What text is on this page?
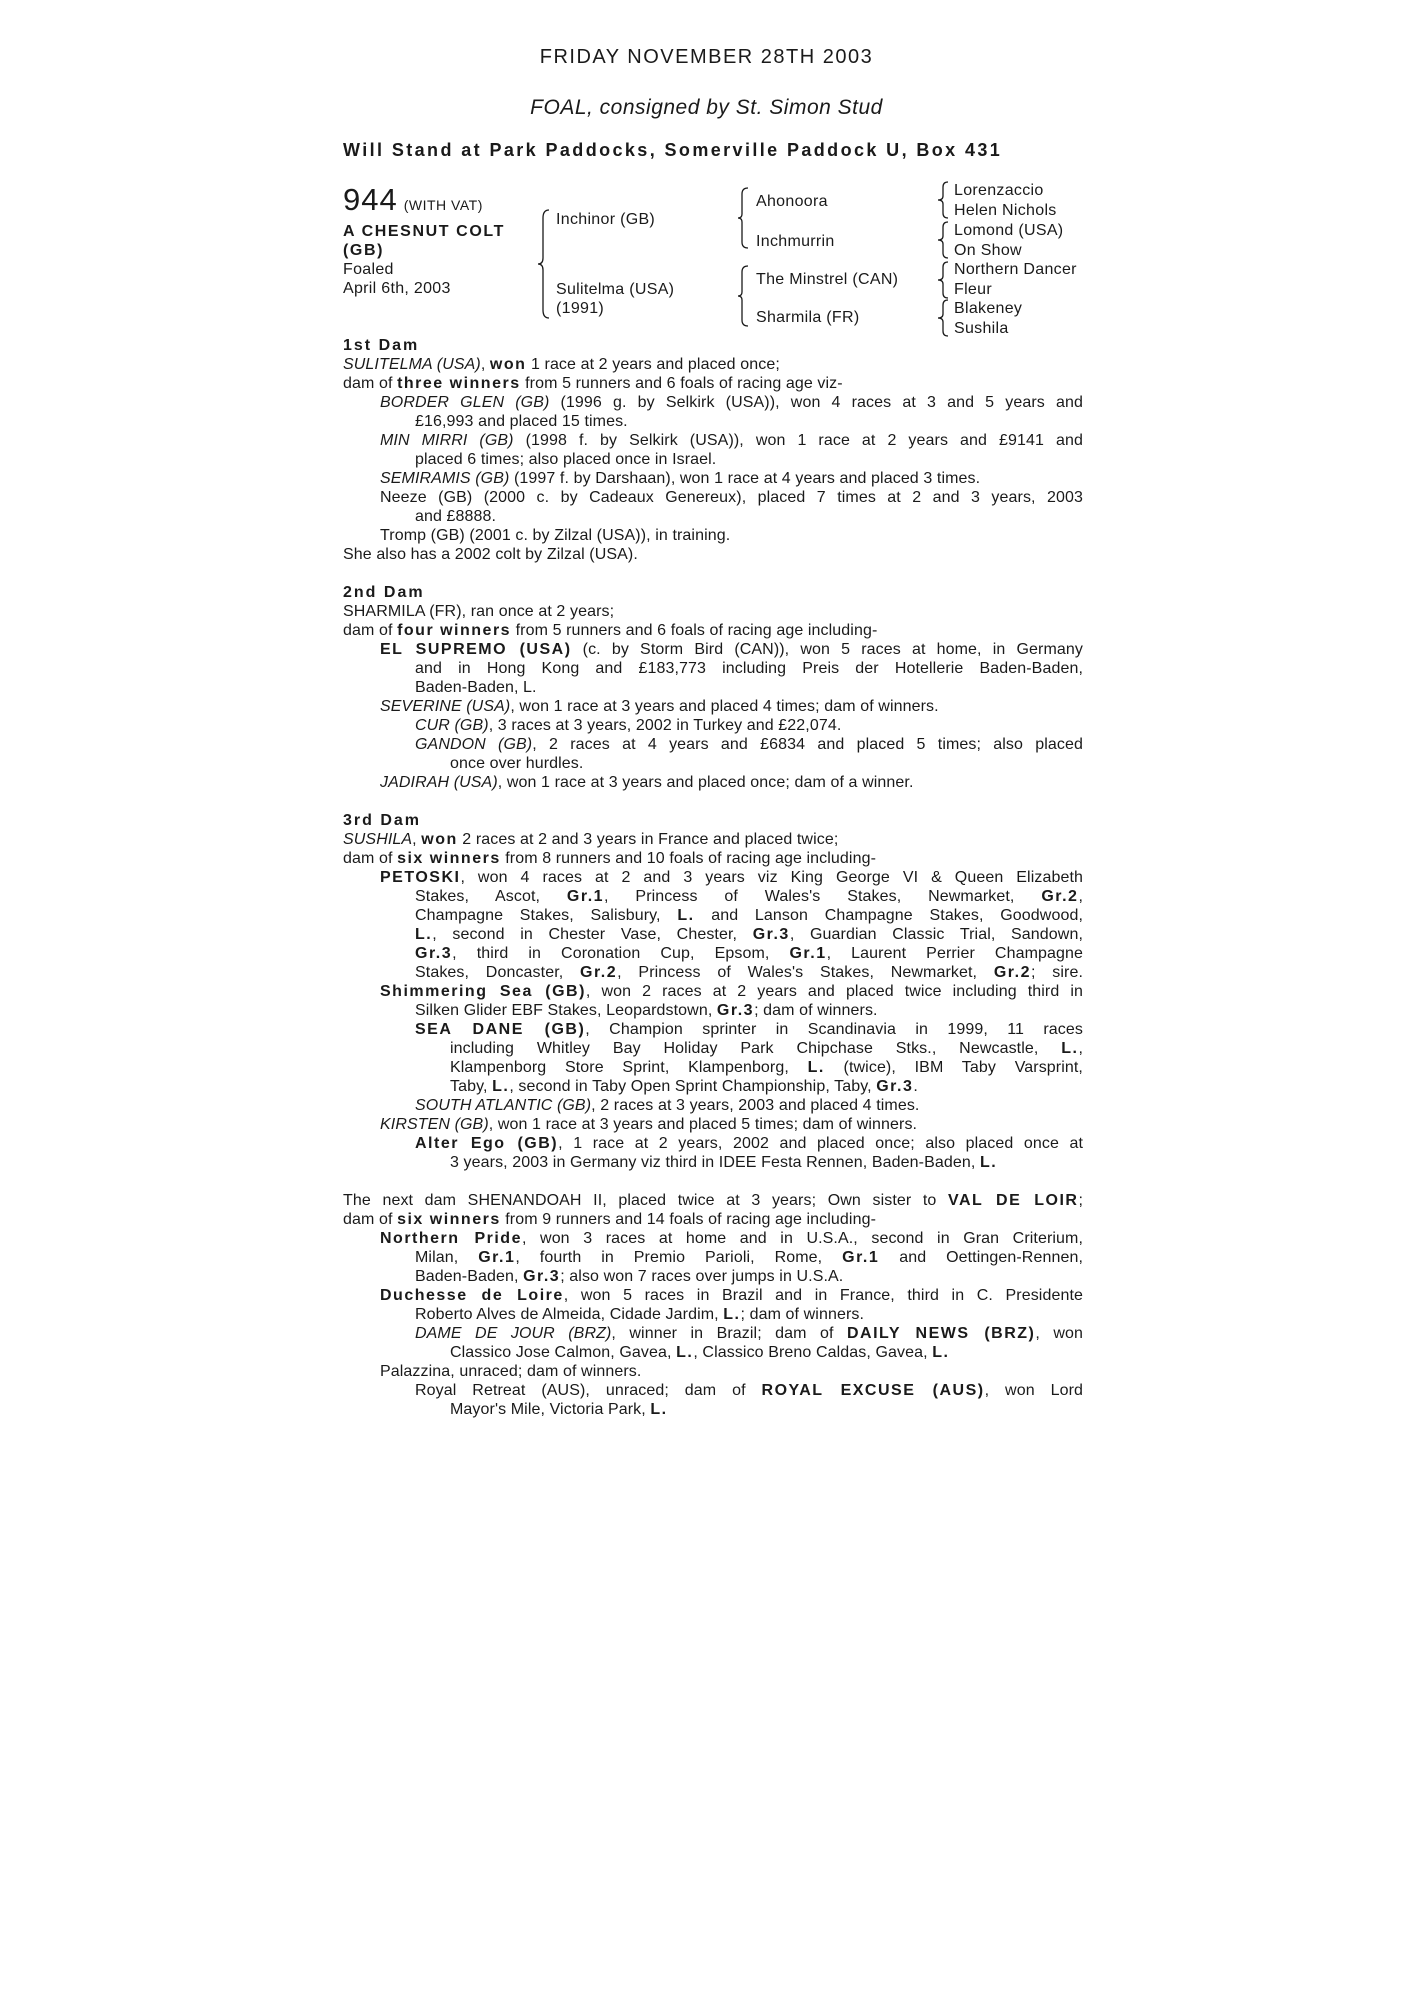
FRIDAY NOVEMBER 28TH 2003
FOAL, consigned by St. Simon Stud
Will Stand at Park Paddocks, Somerville Paddock U, Box 431
944 (WITH VAT)
A CHESNUT COLT
(GB)
Foaled
April 6th, 2003
Inchinor (GB)
Sulitelma (USA)
(1991)
Ahonoora
Inchmurrin
The Minstrel (CAN)
Sharmila (FR)
Lorenzaccio
Helen Nichols
Lomond (USA)
On Show
Northern Dancer
Fleur
Blakeney
Sushila
1st Dam
SULITELMA (USA), won 1 race at 2 years and placed once;
dam of three winners from 5 runners and 6 foals of racing age viz-
BORDER GLEN (GB) (1996 g. by Selkirk (USA)), won 4 races at 3 and 5 years and
£16,993 and placed 15 times.
MIN MIRRI (GB) (1998 f. by Selkirk (USA)), won 1 race at 2 years and £9141 and
placed 6 times; also placed once in Israel.
SEMIRAMIS (GB) (1997 f. by Darshaan), won 1 race at 4 years and placed 3 times.
Neeze (GB) (2000 c. by Cadeaux Genereux), placed 7 times at 2 and 3 years, 2003
and £8888.
Tromp (GB) (2001 c. by Zilzal (USA)), in training.
She also has a 2002 colt by Zilzal (USA).
2nd Dam
SHARMILA (FR), ran once at 2 years;
dam of four winners from 5 runners and 6 foals of racing age including-
EL SUPREMO (USA) (c. by Storm Bird (CAN)), won 5 races at home, in Germany
and in Hong Kong and £183,773 including Preis der Hotellerie Baden-Baden,
Baden-Baden, L.
SEVERINE (USA), won 1 race at 3 years and placed 4 times; dam of winners.
CUR (GB), 3 races at 3 years, 2002 in Turkey and £22,074.
GANDON (GB), 2 races at 4 years and £6834 and placed 5 times; also placed
once over hurdles.
JADIRAH (USA), won 1 race at 3 years and placed once; dam of a winner.
3rd Dam
SUSHILA, won 2 races at 2 and 3 years in France and placed twice;
dam of six winners from 8 runners and 10 foals of racing age including-
PETOSKI, won 4 races at 2 and 3 years viz King George VI & Queen Elizabeth
Stakes, Ascot, Gr.1, Princess of Wales's Stakes, Newmarket, Gr.2,
Champagne Stakes, Salisbury, L. and Lanson Champagne Stakes, Goodwood,
L., second in Chester Vase, Chester, Gr.3, Guardian Classic Trial, Sandown,
Gr.3, third in Coronation Cup, Epsom, Gr.1, Laurent Perrier Champagne
Stakes, Doncaster, Gr.2, Princess of Wales's Stakes, Newmarket, Gr.2; sire.
Shimmering Sea (GB), won 2 races at 2 years and placed twice including third in
Silken Glider EBF Stakes, Leopardstown, Gr.3; dam of winners.
SEA DANE (GB), Champion sprinter in Scandinavia in 1999, 11 races
including Whitley Bay Holiday Park Chipchase Stks., Newcastle, L.,
Klampenborg Store Sprint, Klampenborg, L. (twice), IBM Taby Varsprint,
Taby, L., second in Taby Open Sprint Championship, Taby, Gr.3.
SOUTH ATLANTIC (GB), 2 races at 3 years, 2003 and placed 4 times.
KIRSTEN (GB), won 1 race at 3 years and placed 5 times; dam of winners.
Alter Ego (GB), 1 race at 2 years, 2002 and placed once; also placed once at
3 years, 2003 in Germany viz third in IDEE Festa Rennen, Baden-Baden, L.
The next dam SHENANDOAH II, placed twice at 3 years; Own sister to VAL DE LOIR;
dam of six winners from 9 runners and 14 foals of racing age including-
Northern Pride, won 3 races at home and in U.S.A., second in Gran Criterium,
Milan, Gr.1, fourth in Premio Parioli, Rome, Gr.1 and Oettingen-Rennen,
Baden-Baden, Gr.3; also won 7 races over jumps in U.S.A.
Duchesse de Loire, won 5 races in Brazil and in France, third in C. Presidente
Roberto Alves de Almeida, Cidade Jardim, L.; dam of winners.
DAME DE JOUR (BRZ), winner in Brazil; dam of DAILY NEWS (BRZ), won
Classico Jose Calmon, Gavea, L., Classico Breno Caldas, Gavea, L.
Palazzina, unraced; dam of winners.
Royal Retreat (AUS), unraced; dam of ROYAL EXCUSE (AUS), won Lord
Mayor's Mile, Victoria Park, L.
